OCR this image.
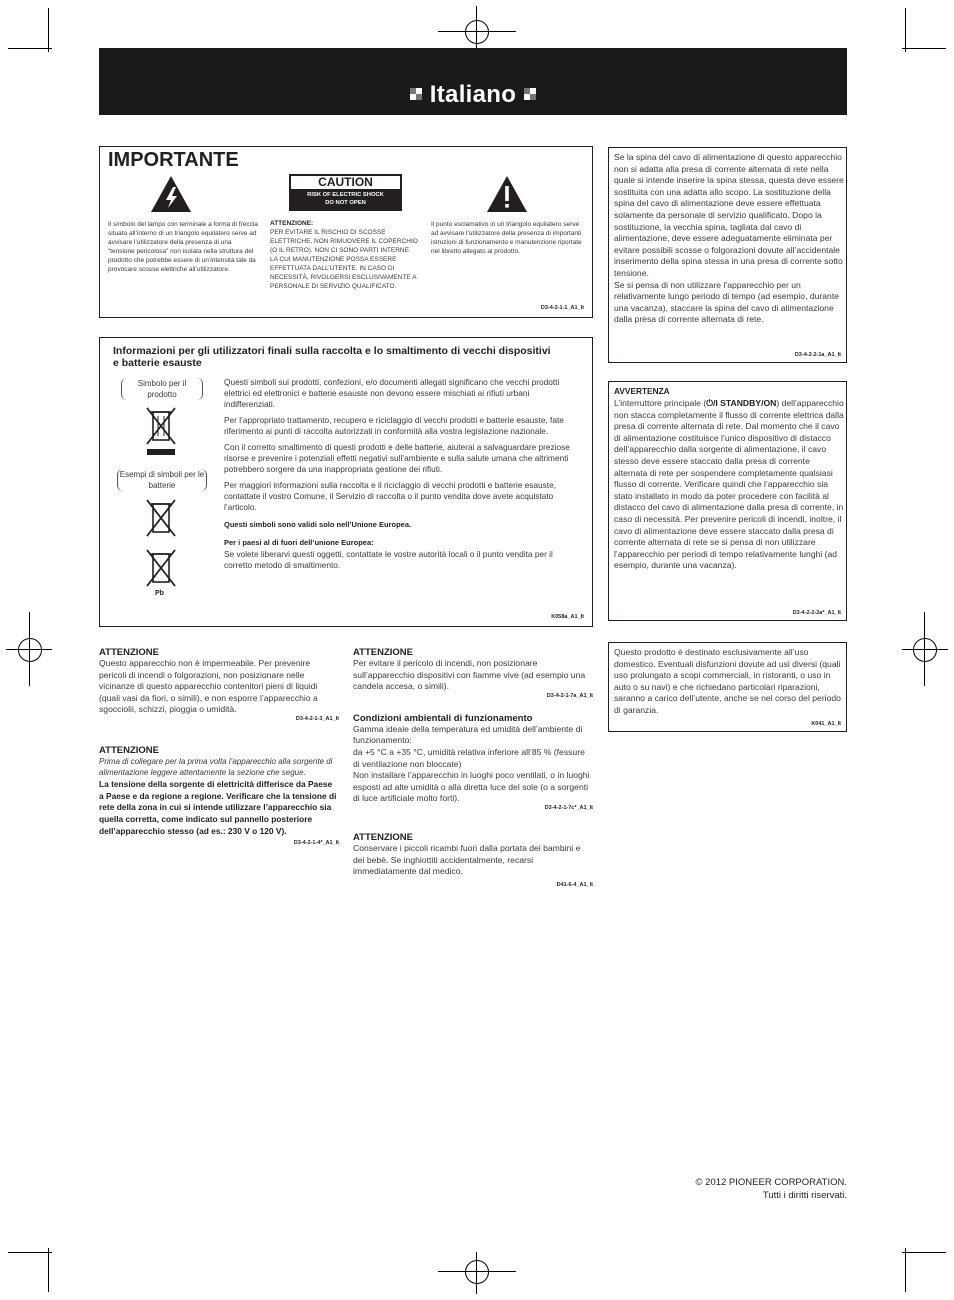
Italiano
IMPORTANTE
Il simbolo del lampo con terminale a forma di freccia situato all’interno di un triangolo equilatero serve ad avvisare l’utilizzatore della presenza di una “tensione pericolosa” non isolata nella struttura del prodotto che potrebbe essere di un’intensità tale da provocare scosse elettriche all’utilizzatore.
CAUTION
RISK OF ELECTRIC SHOCK
DO NOT OPEN
ATTENZIONE:
PER EVITARE IL RISCHIO DI SCOSSE ELETTRICHE, NON RIMUOVERE IL COPERCHIO (O IL RETRO). NON CI SONO PARTI INTERNE LA CUI MANUTENZIONE POSSA ESSERE EFFETTUATA DALL’UTENTE. IN CASO DI NECESSITÀ, RIVOLGERSI ESCLUSIVAMENTE A PERSONALE DI SERVIZIO QUALIFICATO.
Il punto esclamativo in un triangolo equilatero serve ad avvisare l’utilizzatore della presenza di importanti istruzioni di funzionamento e manutenzione riportate nel libretto allegato al prodotto.
D3-4-2-1-1_A1_It
Informazioni per gli utilizzatori finali sulla raccolta e lo smaltimento di vecchi dispositivi e batterie esauste
Simbolo per il prodotto
Esempi di simboli per le batterie
Pb

Questi simboli sui prodotti, confezioni, e/o documenti allegati significano che vecchi prodotti elettrici ed elettronici e batterie esauste non devono essere mischiati ai rifiuti urbani indifferenziati.

Per l’appropriato trattamento, recupero e riciclaggio di vecchi prodotti e batterie esauste, fate riferimento ai punti di raccolta autorizzati in conformità alla vostra legislazione nazionale.

Con il corretto smaltimento di questi prodotti e delle batterie, aiuterai a salvaguardare preziose risorse e prevenire i potenziali effetti negativi sull’ambiente e sulla salute umana che altrimenti potrebbero sorgere da una inappropriata gestione dei rifiuti.

Per maggiori informazioni sulla raccolta e il riciclaggio di vecchi prodotti e batterie esauste, contattate il vostro Comune, il Servizio di raccolta o il punto vendita dove avete acquistato l’articolo.

Questi simboli sono validi solo nell’Unione Europea.

Per i paesi al di fuori dell’unione Europea:

Se volete liberarvi questi oggetti, contattate le vostre autorità locali o il punto vendita per il corretto metodo di smaltimento.

K058a_A1_It

Se la spina del cavo di alimentazione di questo apparecchio non si adatta alla presa di corrente alternata di rete nella quale si intende inserire la spina stessa, questa deve essere sostituita con una adatta allo scopo. La sostituzione della spina del cavo di alimentazione deve essere effettuata solamente da personale di servizio qualificato. Dopo la sostituzione, la vecchia spina, tagliata dal cavo di alimentazione, deve essere adeguatamente eliminata per evitare possibili scosse o folgorazioni dovute all’accidentale inserimento della spina stessa in una presa di corrente sotto tensione.

Se si pensa di non utilizzare l’apparecchio per un relativamente lungo periodo di tempo (ad esempio, durante una vacanza), staccare la spina del cavo di alimentazione dalla presa di corrente alternata di rete.

D3-4-2-2-1a_A1_It
AVVERTENZA
L’interruttore principale (⏻/I STANDBY/ON) dell’apparecchio non stacca completamente il flusso di corrente elettrica dalla presa di corrente alternata di rete. Dal momento che il cavo di alimentazione costituisce l’unico dispositivo di distacco dell’apparecchio dalla sorgente di alimentazione, il cavo stesso deve essere staccato dalla presa di corrente alternata di rete per sospendere completamente qualsiasi flusso di corrente. Verificare quindi che l’apparecchio sia stato installato in modo da poter procedere con facilità al distacco del cavo di alimentazione dalla presa di corrente, in caso di necessità. Per prevenire pericoli di incendi, inoltre, il cavo di alimentazione deve essere staccato dalla presa di corrente alternata di rete se si pensa di non utilizzare l’apparecchio per periodi di tempo relativamente lunghi (ad esempio, durante una vacanza).
D3-4-2-2-2a*_A1_It
Questo prodotto è destinato esclusivamente all’uso domestico. Eventuali disfunzioni dovute ad usi diversi (quali uso prolungato a scopi commerciali, in ristoranti, o uso in auto o su navi) e che richiedano particolari riparazioni, saranno a carico dell’utente, anche se nel corso del periodo di garanzia.
K041_A1_It
ATTENZIONE
Questo apparecchio non è impermeabile. Per prevenire pericoli di incendi o folgorazioni, non posizionare nelle vicinanze di questo apparecchio contenitori pieni di liquidi (quali vasi da fiori, o simili), e non esporre l’apparecchio a sgocciolii, schizzi, pioggia o umidità.
D3-4-2-1-3_A1_It
ATTENZIONE
Prima di collegare per la prima volta l’apparecchio alla sorgente di alimentazione leggere attentamente la sezione che segue.
La tensione della sorgente di elettricità differisce da Paese a Paese e da regione a regione. Verificare che la tensione di rete della zona in cui si intende utilizzare l’apparecchio sia quella corretta, come indicato sul pannello posteriore dell’apparecchio stesso (ad es.: 230 V o 120 V).
D3-4-2-1-4*_A1_It
ATTENZIONE
Per evitare il pericolo di incendi, non posizionare sull’apparecchio dispositivi con fiamme vive (ad esempio una candela accesa, o simili).
D3-4-2-1-7a_A1_It
Condizioni ambientali di funzionamento
Gamma ideale della temperatura ed umidità dell’ambiente di funzionamento:
da +5 °C a +35 °C, umidità relativa inferiore all‘85 % (fessure di ventilazione non bloccate)
Non installare l’apparecchio in luoghi poco ventilati, o in luoghi esposti ad alte umidità o alla diretta luce del sole (o a sorgenti di luce artificiale molto forti).
D3-4-2-1-7c*_A1_It
ATTENZIONE
Conservare i piccoli ricambi fuori dalla portata dei bambini e dei bebè. Se inghiottiti accidentalmente, recarsi immediatamente dal medico.
D41-6-4_A1_It
© 2012 PIONEER CORPORATION.
Tutti i diritti riservati.
